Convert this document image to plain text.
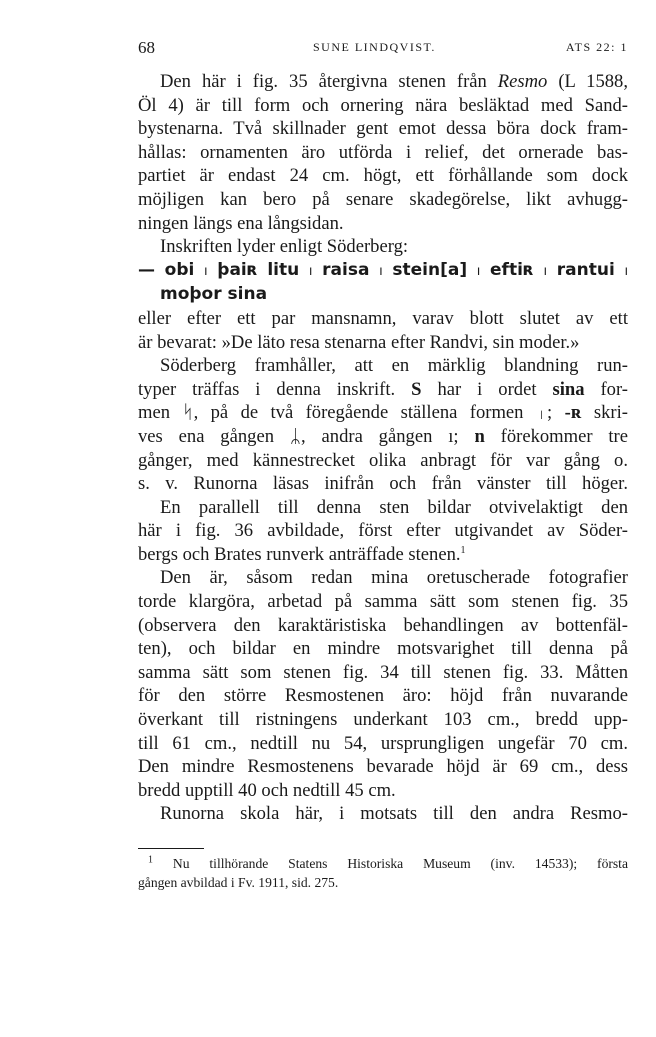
68	SUNE LINDQVIST.	ATS 22: 1
Den här i fig. 35 återgivna stenen från Resmo (L 1588,
Öl 4) är till form och ornering nära besläktad med Sand-
bystenarna. Två skillnader gent emot dessa böra dock fram-
hållas: ornamenten äro utförda i relief, det ornerade bas-
partiet är endast 24 cm. högt, ett förhållande som dock
möjligen kan bero på senare skadegörelse, likt avhugg-
ningen längs ena långsidan.
Inskriften lyder enligt Söderberg:
— obi ı þaiʀ litu ı raisa ı stein[a] ı eftiʀ ı rantui ı
moþor sina
eller efter ett par mansnamn, varav blott slutet av ett
är bevarat: »De läto resa stenarna efter Randvi, sin moder.»
Söderberg framhåller, att en märklig blandning run-
typer träffas i denna inskrift. S har i ordet sina for-
men ᛋ, på de två föregående ställena formen ᛧ; -ʀ skri-
ves ena gången ᛦ, andra gången ı; n förekommer tre
gånger, med kännestrecket olika anbragt för var gång o.
s. v. Runorna läsas inifrån och från vänster till höger.
En parallell till denna sten bildar otvivelaktigt den
här i fig. 36 avbildade, först efter utgivandet av Söder-
bergs och Brates runverk anträffade stenen.$^1$
Den är, såsom redan mina oretuscherade fotografier
torde klargöra, arbetad på samma sätt som stenen fig. 35
(observera den karaktäristiska behandlingen av bottenfäl-
ten), och bildar en mindre motsvarighet till denna på
samma sätt som stenen fig. 34 till stenen fig. 33. Måtten
för den större Resmostenen äro: höjd från nuvarande
överkant till ristningens underkant 103 cm., bredd upp-
till 61 cm., nedtill nu 54, ursprungligen ungefär 70 cm.
Den mindre Resmostenens bevarade höjd är 69 cm., dess
bredd upptill 40 och nedtill 45 cm.
Runorna skola här, i motsats till den andra Resmo-
$^1$ Nu tillhörande Statens Historiska Museum (inv. 14533); första
gången avbildad i Fv. 1911, sid. 275.
